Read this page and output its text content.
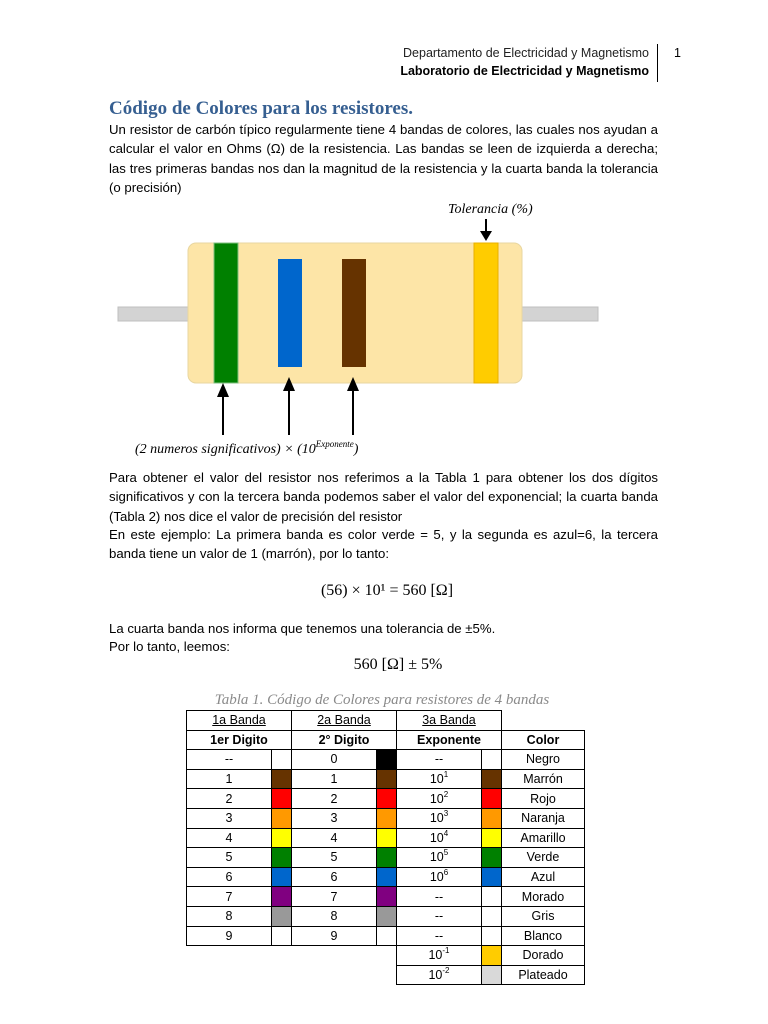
Departamento de Electricidad y Magnetismo
Laboratorio de Electricidad y Magnetismo
1
Código de Colores para los resistores.
Un resistor de carbón típico regularmente tiene 4 bandas de colores, las cuales nos ayudan a calcular el valor en Ohms (Ω) de la resistencia. Las bandas se leen de izquierda a derecha; las tres primeras bandas nos dan la magnitud de la resistencia y la cuarta banda la tolerancia (o precisión)
Tolerancia (%)
(2 numeros significativos) × $(10^{Exponente})$
Para obtener el valor del resistor nos referimos a la Tabla 1 para obtener los dos dígitos significativos y con la tercera banda podemos saber el valor del exponencial; la cuarta banda (Tabla 2) nos dice el valor de precisión del resistor
En este ejemplo: La primera banda es color verde = 5, y la segunda es azul=6, la tercera banda tiene un valor de 1 (marrón), por lo tanto:
(56) × 10¹ = 560 [Ω]
La cuarta banda nos informa que tenemos una tolerancia de ±5%.
Por lo tanto, leemos:
560 [Ω] ± 5%
Tabla 1. Código de Colores para resistores de 4 bandas
1a Banda		2a Banda		3a Banda		
1er Digito		2° Digito		Exponente		Color
--		0		--		Negro
1		1		$10^1$		Marrón
2		2		$10^2$		Rojo
3		3		$10^3$		Naranja
4		4		$10^4$		Amarillo
5		5		$10^5$		Verde
6		6		$10^6$		Azul
7		7		--		Morado
8		8		--		Gris
9		9		--		Blanco
				$10^{-1}$		Dorado
				$10^{-2}$		Plateado
